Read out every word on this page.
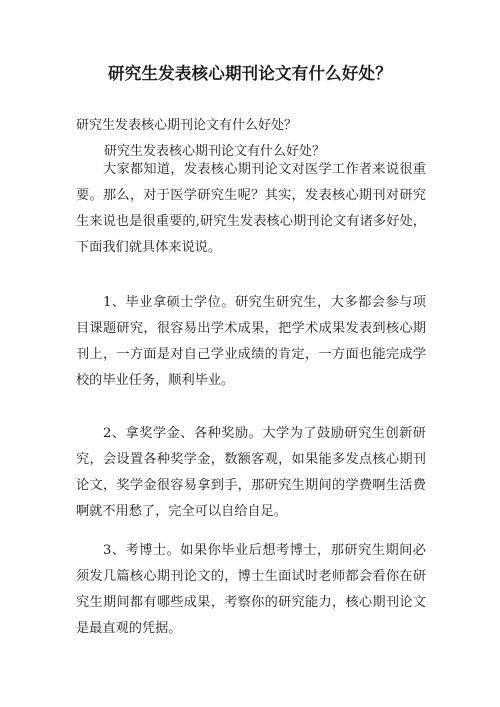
研究生发表核心期刊论文有什么好处？
研究生发表核心期刊论文有什么好处？
研究生发表核心期刊论文有什么好处？

大家都知道，发表核心期刊论文对医学工作者来说很重要。那么，对于医学研究生呢？其实，发表核心期刊对研究生来说也是很重要的,研究生发表核心期刊论文有诸多好处，下面我们就具体来说说。

1、毕业拿硕士学位。研究生研究生，大多都会参与项目课题研究，很容易出学术成果，把学术成果发表到核心期刊上，一方面是对自己学业成绩的肯定，一方面也能完成学校的毕业任务，顺利毕业。

2、拿奖学金、各种奖励。大学为了鼓励研究生创新研究，会设置各种奖学金，数额客观，如果能多发点核心期刊论文，奖学金很容易拿到手，那研究生期间的学费啊生活费啊就不用愁了，完全可以自给自足。

3、考博士。如果你毕业后想考博士，那研究生期间必须发几篇核心期刊论文的，博士生面试时老师都会看你在研究生期间都有哪些成果，考察你的研究能力，核心期刊论文是最直观的凭据。
